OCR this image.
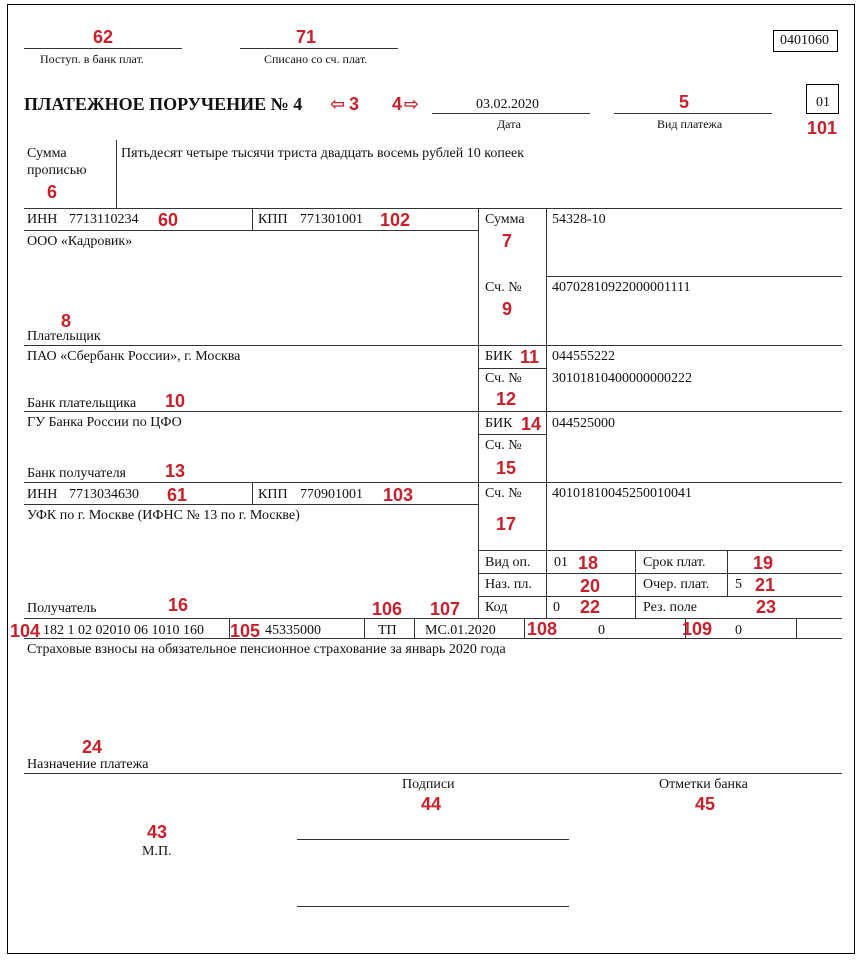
62
Поступ. в банк плат.
71
Списано со сч. плат.
0401060
ПЛАТЕЖНОЕ ПОРУЧЕНИЕ № 4 ⇦ 3 4 ⇨	03.02.2020
Дата
5
Вид платежа
01
101
Сумма
прописью
6
Пятьдесят четыре тысячи триста двадцать восемь рублей 10 копеек
ИНН 7713110234 60	КПП 771301001 102
ООО «Кадровик»
8
Плательщик
Сумма
7
54328-10
Сч. №
9
40702810922000001111
ПАО «Сбербанк России», г. Москва
Банк плательщика 10
БИК 11 044555222
Сч. №
12
30101810400000000222
ГУ Банка России по ЦФО
13
Банк получателя
БИК 14 044525000
Сч. №
15
ИНН 7713034630 61	КПП 770901001 103
УФК по г. Москве (ИФНС № 13 по г. Москве)
Сч. №
17
40101810045250010041
Получатель	16
Вид оп. 01 18	Срок плат.	19
Наз. пл.	20	Очер. плат. 5 21
Код	0 22	Рез. поле	23
106 107
104 182 1 02 02010 06 1010 160 105 45335000	ТП МС.01.2020 108	0	109 0
Страховые взносы на обязательное пенсионное страхование за январь 2020 года
24
Назначение платежа
Подписи
44
Отметки банка
45
43
М.П.
